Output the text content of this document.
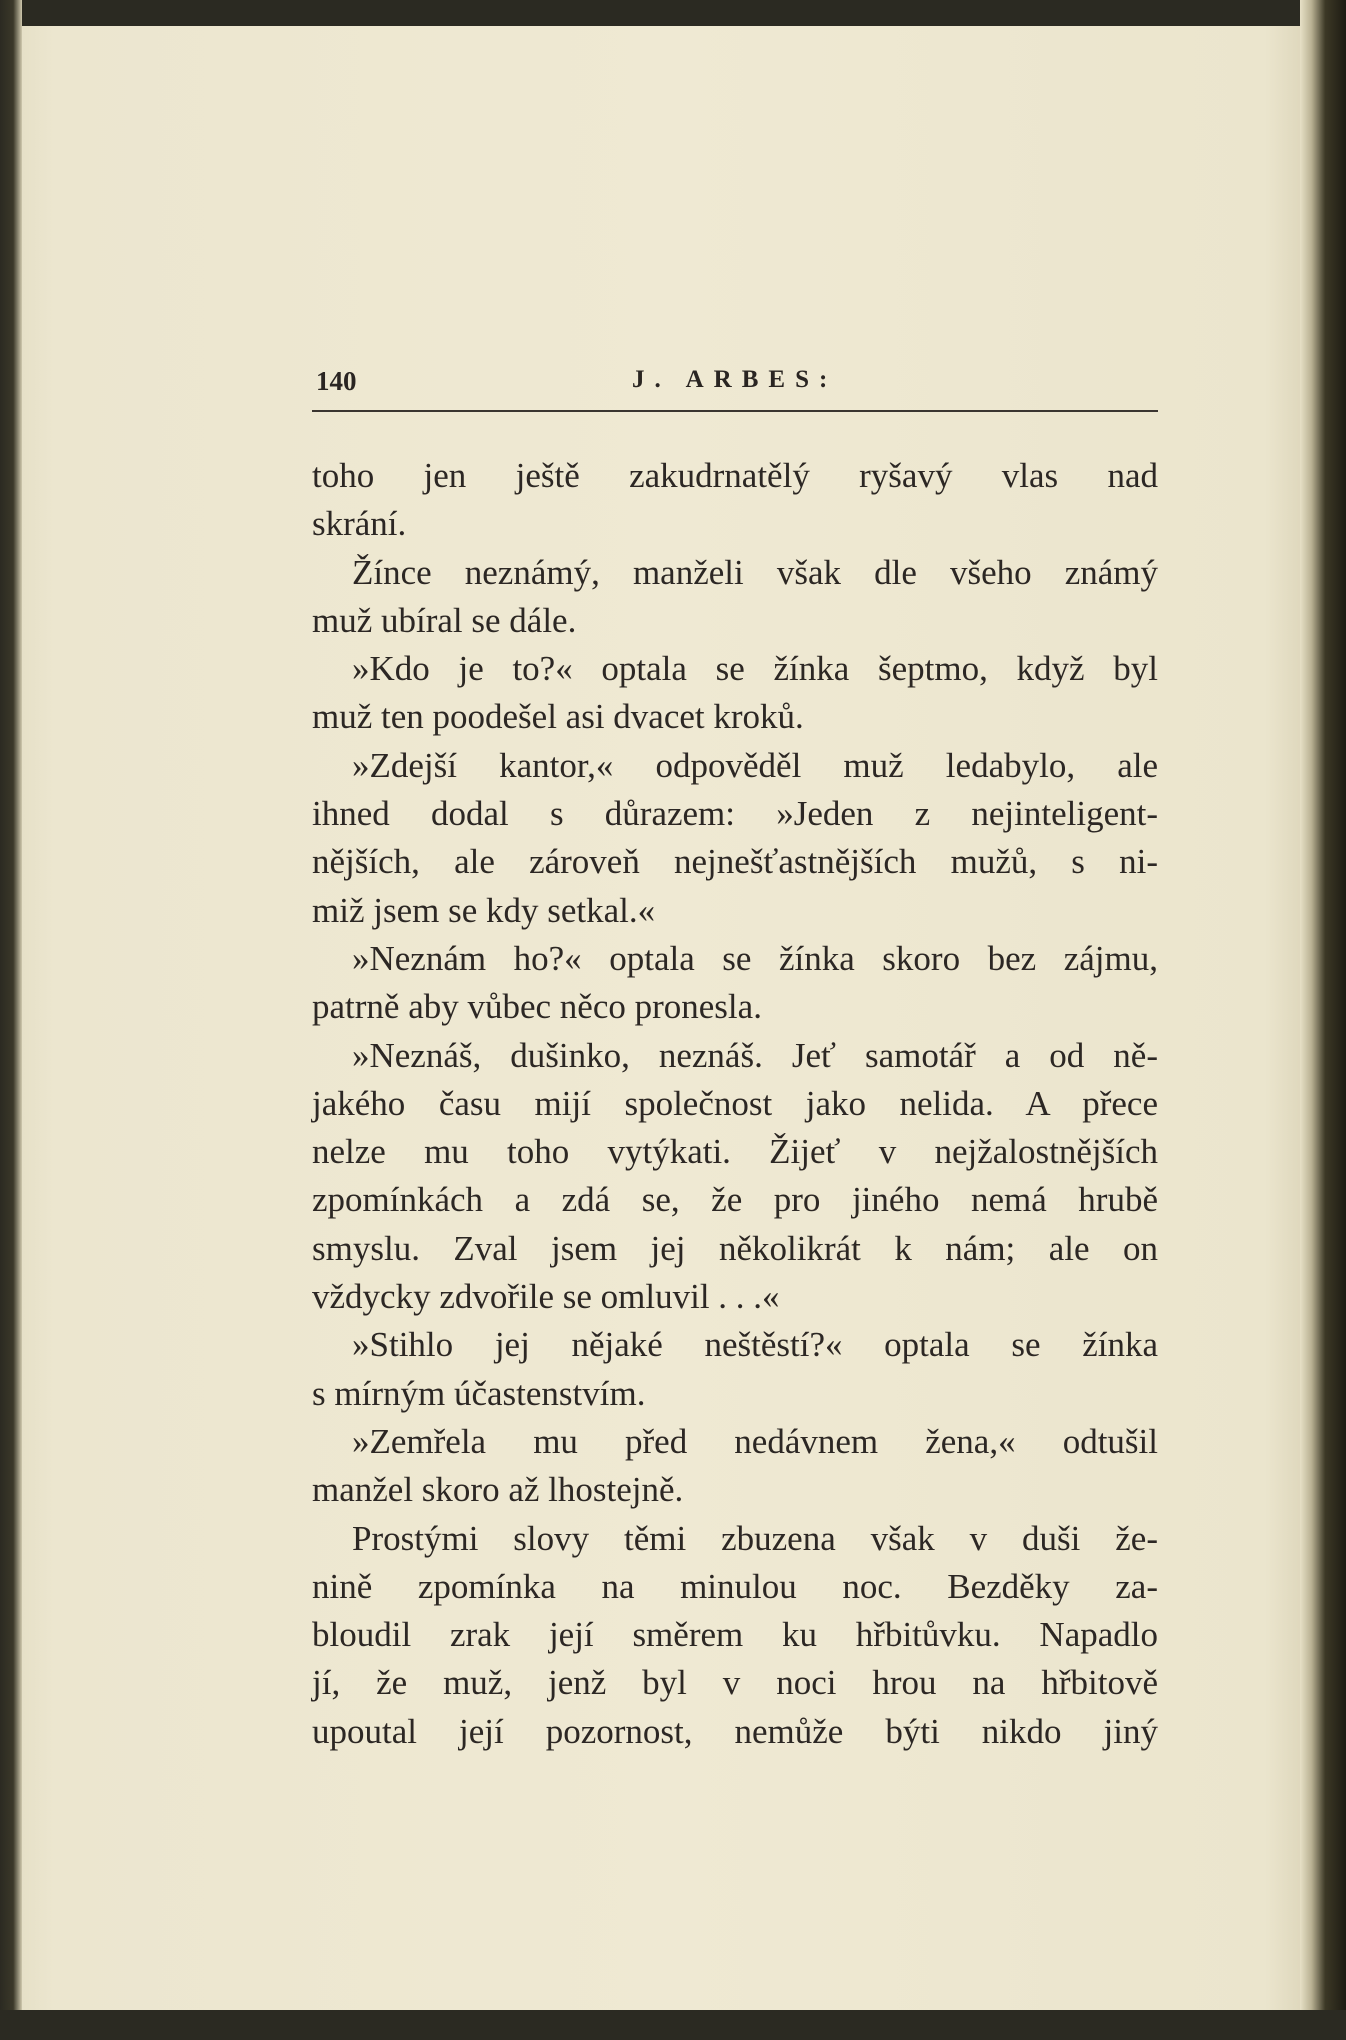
140	J. ARBES:
toho jen ještě zakudrnatělý ryšavý vlas nad
skrání.
Žínce neznámý, manželi však dle všeho známý
muž ubíral se dále.
»Kdo je to?« optala se žínka šeptmo, když byl
muž ten poodešel asi dvacet kroků.
»Zdejší kantor,« odpověděl muž ledabylo, ale
ihned dodal s důrazem: »Jeden z nejinteligent-
nějších, ale zároveň nejnešťastnějších mužů, s ni-
miž jsem se kdy setkal.«
»Neznám ho?« optala se žínka skoro bez zájmu,
patrně aby vůbec něco pronesla.
»Neznáš, dušinko, neznáš. Jeť samotář a od ně-
jakého času mijí společnost jako nelida. A přece
nelze mu toho vytýkati. Žijeť v nejžalostnějších
zpomínkách a zdá se, že pro jiného nemá hrubě
smyslu. Zval jsem jej několikrát k nám; ale on
vždycky zdvořile se omluvil . . .«
»Stihlo jej nějaké neštěstí?« optala se žínka
s mírným účastenstvím.
»Zemřela mu před nedávnem žena,« odtušil
manžel skoro až lhostejně.
Prostými slovy těmi zbuzena však v duši že-
nině zpomínka na minulou noc. Bezděky za-
bloudil zrak její směrem ku hřbitůvku. Napadlo
jí, že muž, jenž byl v noci hrou na hřbitově
upoutal její pozornost, nemůže býti nikdo jiný
